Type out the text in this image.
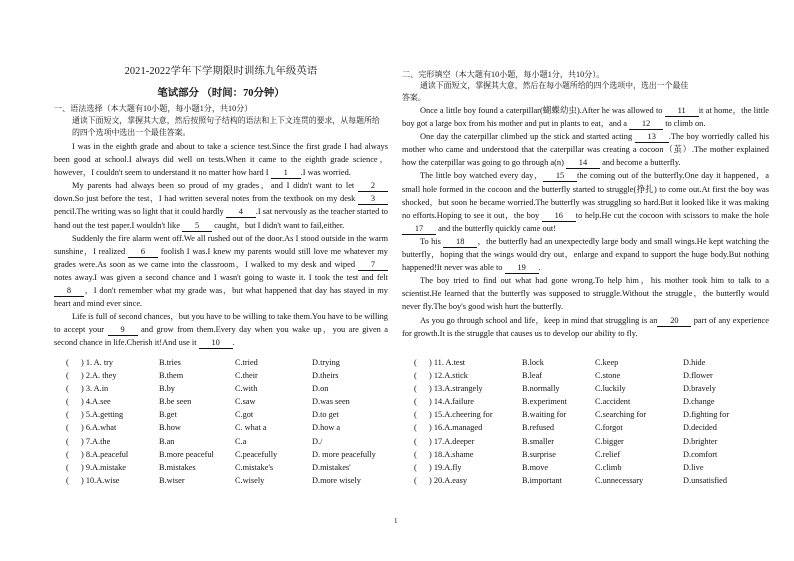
2021-2022学年下学期限时训练九年级英语
笔试部分 （时间：70分钟）
一、语法选择（本大题有10小题，每小题1分，共10分）
通读下面短文，掌握其大意，然后按照句子结构的语法和上下文连贯的要求，从每题所给
的四个选项中选出一个最佳答案。

I was in the eighth grade and about to take a science test.Since the first grade I had always been good at school.I always did well on tests.When it came to the eighth grade science，however，I couldn't seem to understand it no matter how hard I 1 .I was worried.

My parents had always been so proud of my grades，and I didn't want to let 2 down.So just before the test，I had written several notes from the textbook on my desk 3 pencil.The writing was so light that it could hardly 4 .I sat nervously as the teacher started to hand out the test paper.I wouldn't like 5 caught，but I didn't want to fail,either.

Suddenly the fire alarm went off.We all rushed out of the door.As I stood outside in the warm sunshine，I realized 6 foolish I was.I knew my parents would still love me whatever my grades were.As soon as we came into the classroom，I walked to my desk and wiped 7 notes away.I was given a second chance and I wasn't going to waste it. I took the test and felt 8 ，I don't remember what my grade was，but what happened that day has stayed in my heart and mind ever since.

Life is full of second chances，but you have to be willing to take them.You have to be willing to accept your 9 and grow from them.Every day when you wake up，you are given a second chance in life.Cherish it!And use it 10 .

( ) 1. A. try	B.tries	C.tried	D.trying
( ) 2.A. they	B.them	C.their	D.theirs
( ) 3. A.in	B.by	C.with	D.on
( ) 4.A.see	B.be seen	C.saw	D.was seen
( ) 5.A.getting	B.get	C.got	D.to get
( ) 6.A.what	B.how	C. what a	D.how a
( ) 7.A.the	B.an	C.a	D./
( ) 8.A.peaceful	B.more peaceful	C.peacefully	D. more peacefully
( ) 9.A.mistake	B.mistakes	C.mistake's	D.mistakes'
( ) 10.A.wise	B.wiser	C.wisely	D.more wisely
二、完形填空（本大题有10小题，每小题1分，共10分）。
通读下面短文，掌握其大意，然后在每小题所给的四个选项中，选出一个最佳
答案。

Once a little boy found a caterpillar(蝴蝶幼虫).After he was allowed to 11 it at home，the little boy got a large box from his mother and put in plants to eat，and a 12 to climb on.

One day the caterpillar climbed up the stick and started acting 13 .The boy worriedly called his mother who came and understood that the caterpillar was creating a cocoon（茧）.The mother explained how the caterpillar was going to go through a(n) 14 and become a butterfly.

The little boy watched every day， 15 the coming out of the butterfly.One day it happened，a small hole formed in the cocoon and the butterfly started to struggle(挣扎) to come out.At first the boy was shocked，but soon he became worried.The butterfly was struggling so hard.But it looked like it was making no efforts.Hoping to see it out，the boy 16 to help.He cut the cocoon with scissors to make the hole 17 and the butterfly quickly came out!

To his 18 ，the butterfly had an unexpectedly large body and small wings.He kept watching the butterfly，hoping that the wings would dry out，enlarge and expand to support the huge body.But nothing happened!It never was able to 19 .

The boy tried to find out what had gone wrong.To help him，his mother took him to talk to a scientist.He learned that the butterfly was supposed to struggle.Without the struggle，the butterfly would never fly.The boy's good wish hurt the butterfly.

As you go through school and life，keep in mind that struggling is an 20 part of any experience for growth.It is the struggle that causes us to develop our ability to fly.

( ) 11. A.test	B.lock	C.keep	D.hide
( ) 12.A.stick	B.leaf	C.stone	D.flower
( ) 13.A.strangely	B.normally	C.luckily	D.bravely
( ) 14.A.failure	B.experiment	C.accident	D.change
( ) 15.A.cheering for	B.waiting for	C.searching for	D.fighting for
( ) 16.A.managed	B.refused	C.forgot	D.decided
( ) 17.A.deeper	B.smaller	C.bigger	D.brighter
( ) 18.A.shame	B.surprise	C.relief	D.comfort
( ) 19.A.fly	B.move	C.climb	D.live
( ) 20.A.easy	B.important	C.unnecessary	D.unsatisfied
1
